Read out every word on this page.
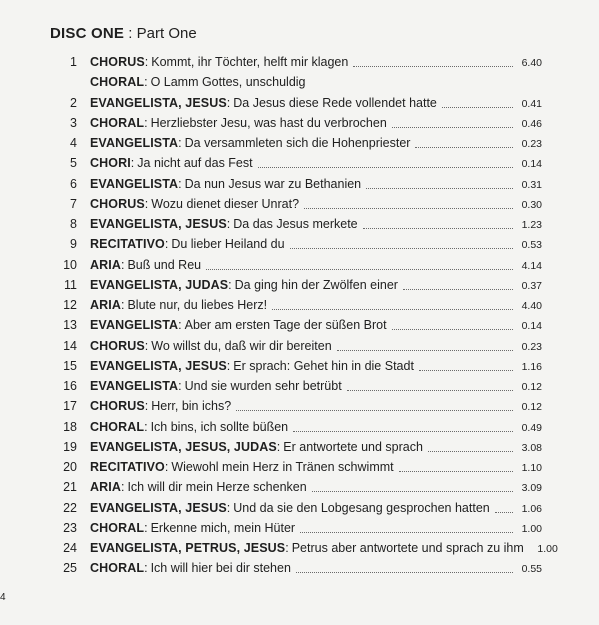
DISC ONE : Part One
1	CHORUS : Kommt, ihr Töchter, helft mir klagen	6.40
CHORAL : O Lamm Gottes, unschuldig
2	EVANGELISTA, JESUS : Da Jesus diese Rede vollendet hatte	0.41
3	CHORAL : Herzliebster Jesu, was hast du verbrochen	0.46
4	EVANGELISTA : Da versammleten sich die Hohenpriester	0.23
5	CHORI : Ja nicht auf das Fest	0.14
6	EVANGELISTA : Da nun Jesus war zu Bethanien	0.31
7	CHORUS : Wozu dienet dieser Unrat?	0.30
8	EVANGELISTA, JESUS : Da das Jesus merkete	1.23
9	RECITATIVO : Du lieber Heiland du	0.53
10	ARIA : Buß und Reu	4.14
11	EVANGELISTA, JUDAS : Da ging hin der Zwölfen einer	0.37
12	ARIA : Blute nur, du liebes Herz!	4.40
13	EVANGELISTA : Aber am ersten Tage der süßen Brot	0.14
14	CHORUS : Wo willst du, daß wir dir bereiten	0.23
15	EVANGELISTA, JESUS : Er sprach: Gehet hin in die Stadt	1.16
16	EVANGELISTA : Und sie wurden sehr betrübt	0.12
17	CHORUS : Herr, bin ichs?	0.12
18	CHORAL : Ich bins, ich sollte büßen	0.49
19	EVANGELISTA, JESUS, JUDAS : Er antwortete und sprach	3.08
20	RECITATIVO : Wiewohl mein Herz in Tränen schwimmt	1.10
21	ARIA : Ich will dir mein Herze schenken	3.09
22	EVANGELISTA, JESUS : Und da sie den Lobgesang gesprochen hatten	1.06
23	CHORAL : Erkenne mich, mein Hüter	1.00
24	EVANGELISTA, PETRUS, JESUS : Petrus aber antwortete und sprach zu ihm	1.00
25	CHORAL : Ich will hier bei dir stehen	0.55
4
